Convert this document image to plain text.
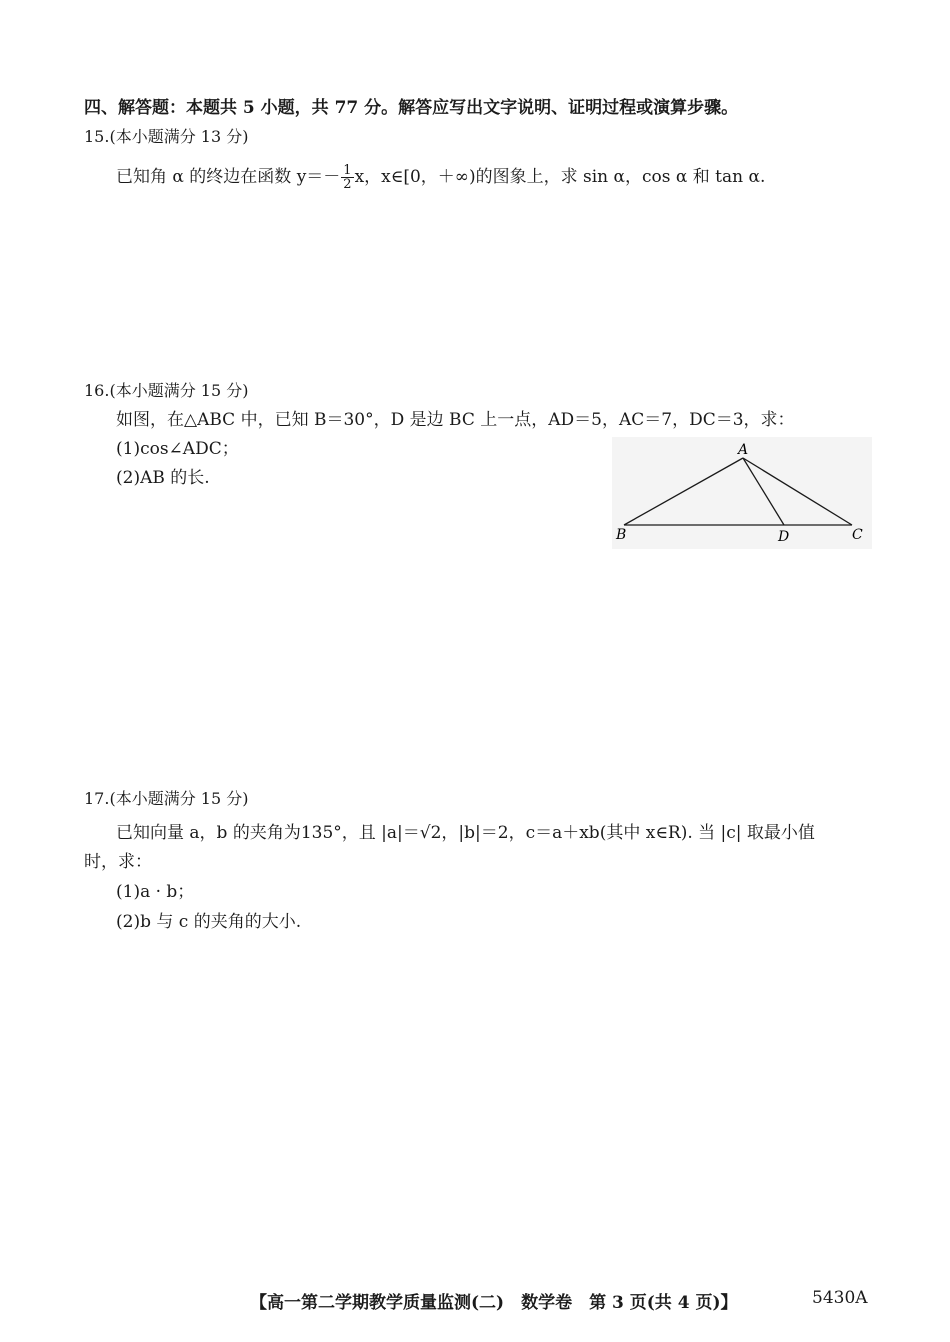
四、解答题：本题共 5 小题，共 77 分。解答应写出文字说明、证明过程或演算步骤。
15.(本小题满分 13 分)
已知角 α 的终边在函数 $y=- \frac{1}{2}$ x，x∈[0，＋∞)的图象上，求 sin α，cos α 和 tan α.
16.(本小题满分 15 分)
如图，在△ABC 中，已知 B＝30°，D 是边 BC 上一点，AD＝5，AC＝7，DC＝3，求：
(1)cos∠ADC；
(2)AB 的长.
A
B	D	C
17.(本小题满分 15 分)
已知向量 a，b 的夹角为135°，且 |a|＝√2，|b|＝2，c＝a＋xb(其中 x∈R). 当 |c| 取最小值
时，求：
(1)a · b；
(2)b 与 c 的夹角的大小.
【高一第二学期教学质量监测(二)　数学卷　第 3 页(共 4 页)】	5430A
